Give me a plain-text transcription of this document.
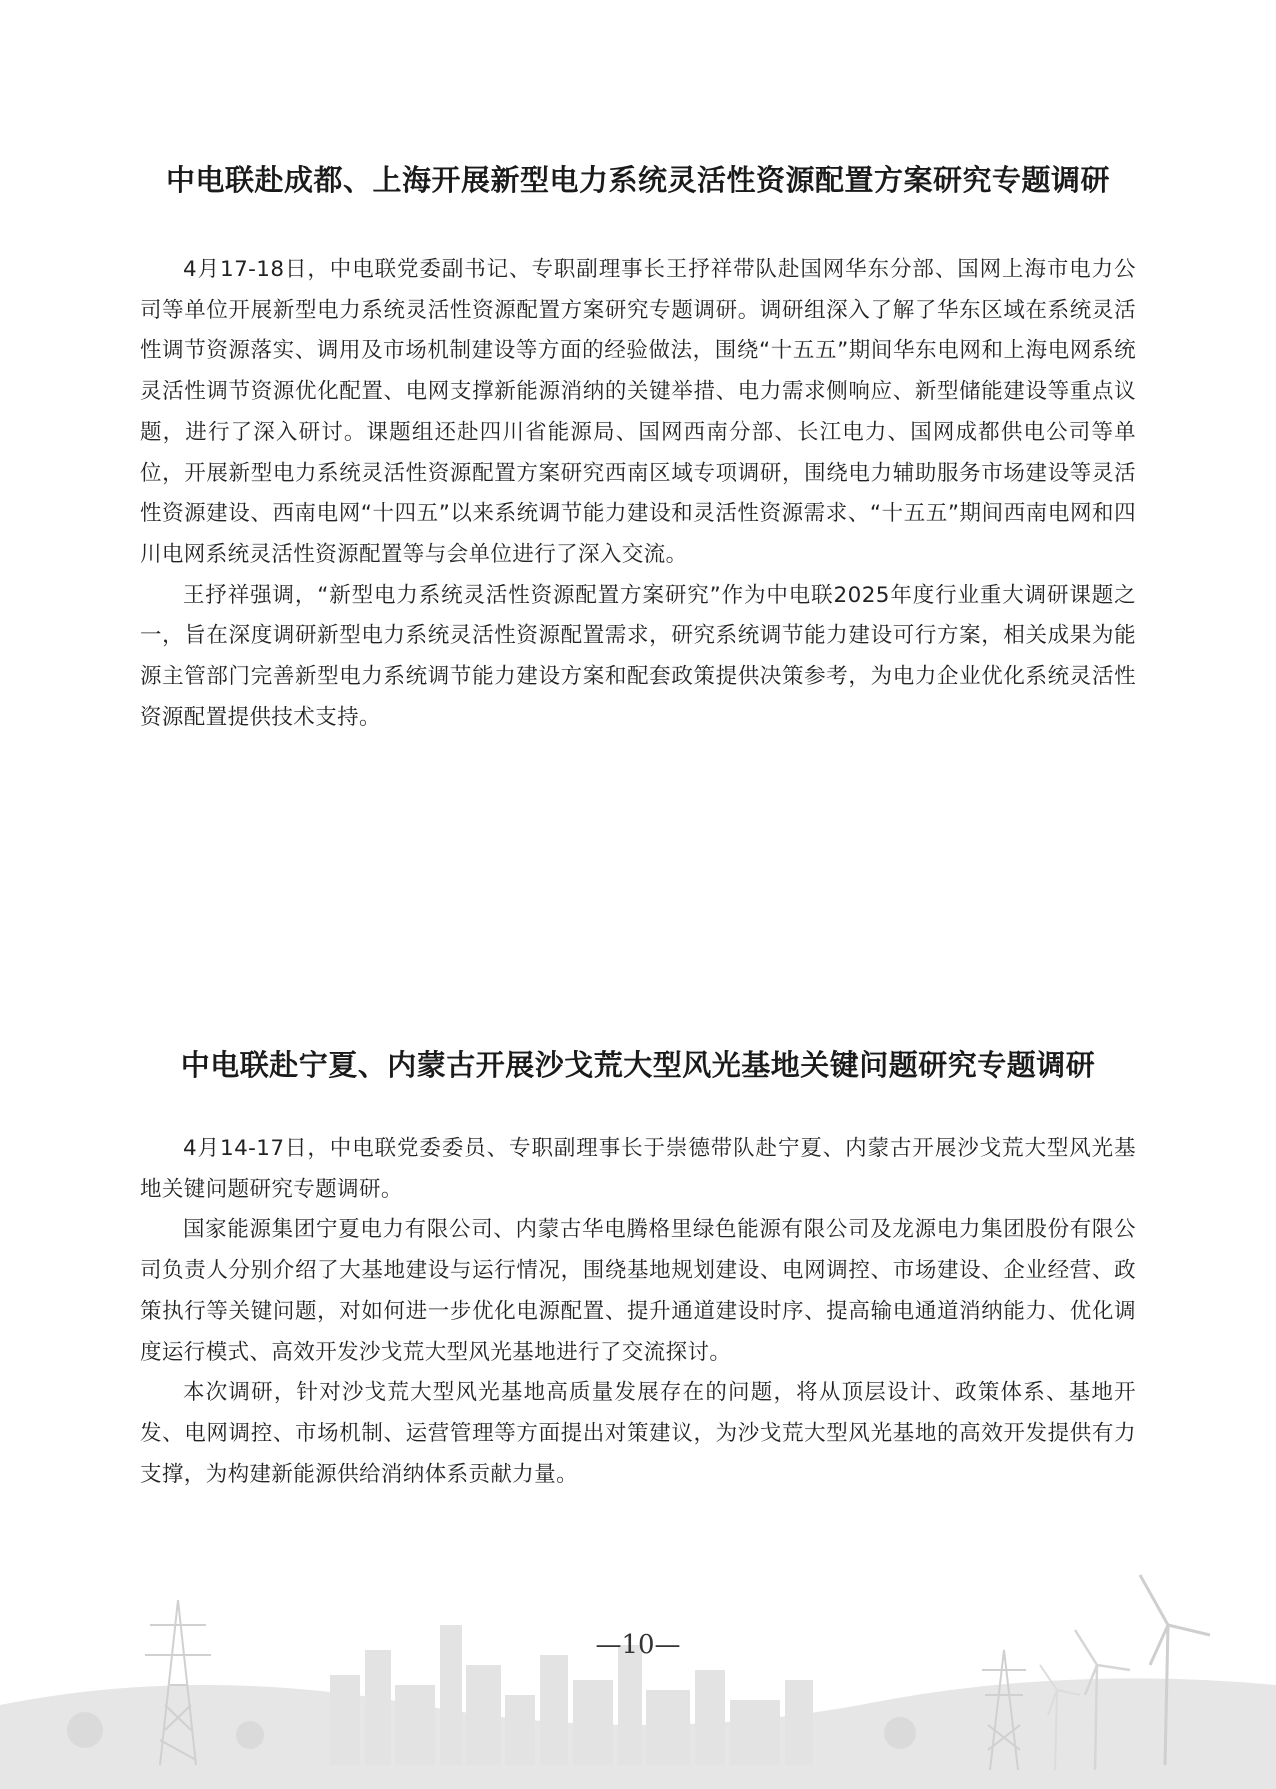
中电联赴成都、上海开展新型电力系统灵活性资源配置方案研究专题调研

4月17-18日，中电联党委副书记、专职副理事长王抒祥带队赴国网华东分部、国网上海市电力公司等单位开展新型电力系统灵活性资源配置方案研究专题调研。调研组深入了解了华东区域在系统灵活性调节资源落实、调用及市场机制建设等方面的经验做法，围绕“十五五”期间华东电网和上海电网系统灵活性调节资源优化配置、电网支撑新能源消纳的关键举措、电力需求侧响应、新型储能建设等重点议题，进行了深入研讨。课题组还赴四川省能源局、国网西南分部、长江电力、国网成都供电公司等单位，开展新型电力系统灵活性资源配置方案研究西南区域专项调研，围绕电力辅助服务市场建设等灵活性资源建设、西南电网“十四五”以来系统调节能力建设和灵活性资源需求、“十五五”期间西南电网和四川电网系统灵活性资源配置等与会单位进行了深入交流。

王抒祥强调，“新型电力系统灵活性资源配置方案研究”作为中电联2025年度行业重大调研课题之一，旨在深度调研新型电力系统灵活性资源配置需求，研究系统调节能力建设可行方案，相关成果为能源主管部门完善新型电力系统调节能力建设方案和配套政策提供决策参考，为电力企业优化系统灵活性资源配置提供技术支持。

中电联赴宁夏、内蒙古开展沙戈荒大型风光基地关键问题研究专题调研

4月14-17日，中电联党委委员、专职副理事长于崇德带队赴宁夏、内蒙古开展沙戈荒大型风光基地关键问题研究专题调研。

国家能源集团宁夏电力有限公司、内蒙古华电腾格里绿色能源有限公司及龙源电力集团股份有限公司负责人分别介绍了大基地建设与运行情况，围绕基地规划建设、电网调控、市场建设、企业经营、政策执行等关键问题，对如何进一步优化电源配置、提升通道建设时序、提高输电通道消纳能力、优化调度运行模式、高效开发沙戈荒大型风光基地进行了交流探讨。

本次调研，针对沙戈荒大型风光基地高质量发展存在的问题，将从顶层设计、政策体系、基地开发、电网调控、市场机制、运营管理等方面提出对策建议，为沙戈荒大型风光基地的高效开发提供有力支撑，为构建新能源供给消纳体系贡献力量。

—10—
